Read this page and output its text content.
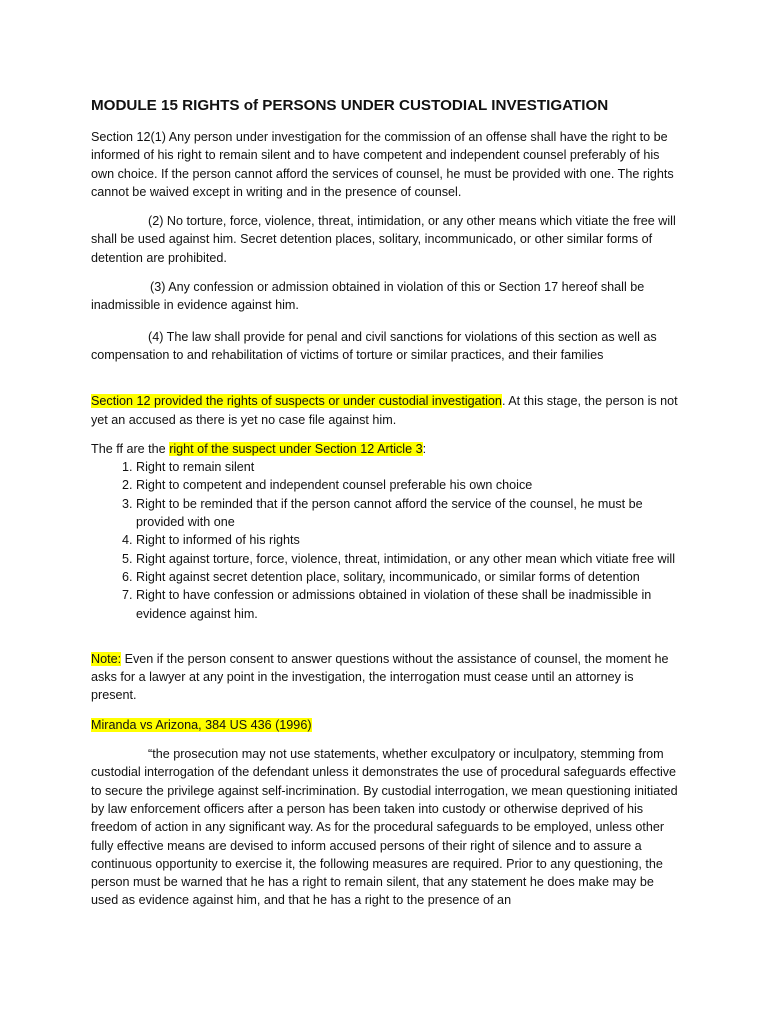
MODULE 15 RIGHTS of PERSONS UNDER CUSTODIAL INVESTIGATION

Section 12(1) Any person under investigation for the commission of an offense shall have the right to be informed of his right to remain silent and to have competent and independent counsel preferably of his own choice. If the person cannot afford the services of counsel, he must be provided with one. The rights cannot be waived except in writing and in the presence of counsel.

(2) No torture, force, violence, threat, intimidation, or any other means which vitiate the free will shall be used against him. Secret detention places, solitary, incommunicado, or other similar forms of detention are prohibited.

(3) Any confession or admission obtained in violation of this or Section 17 hereof shall be inadmissible in evidence against him.

(4) The law shall provide for penal and civil sanctions for violations of this section as well as compensation to and rehabilitation of victims of torture or similar practices, and their families

Section 12 provided the rights of suspects or under custodial investigation. At this stage, the person is not yet an accused as there is yet no case file against him.

The ff are the right of the suspect under Section 12 Article 3:

1. Right to remain silent
2. Right to competent and independent counsel preferable his own choice
3. Right to be reminded that if the person cannot afford the service of the counsel, he must be provided with one
4. Right to informed of his rights
5. Right against torture, force, violence, threat, intimidation, or any other mean which vitiate free will
6. Right against secret detention place, solitary, incommunicado, or similar forms of detention
7. Right to have confession or admissions obtained in violation of these shall be inadmissible in evidence against him.

Note: Even if the person consent to answer questions without the assistance of counsel, the moment he asks for a lawyer at any point in the investigation, the interrogation must cease until an attorney is present.

Miranda vs Arizona, 384 US 436 (1996)

“the prosecution may not use statements, whether exculpatory or inculpatory, stemming from custodial interrogation of the defendant unless it demonstrates the use of procedural safeguards effective to secure the privilege against self-incrimination. By custodial interrogation, we mean questioning initiated by law enforcement officers after a person has been taken into custody or otherwise deprived of his freedom of action in any significant way. As for the procedural safeguards to be employed, unless other fully effective means are devised to inform accused persons of their right of silence and to assure a continuous opportunity to exercise it, the following measures are required. Prior to any questioning, the person must be warned that he has a right to remain silent, that any statement he does make may be used as evidence against him, and that he has a right to the presence of an
